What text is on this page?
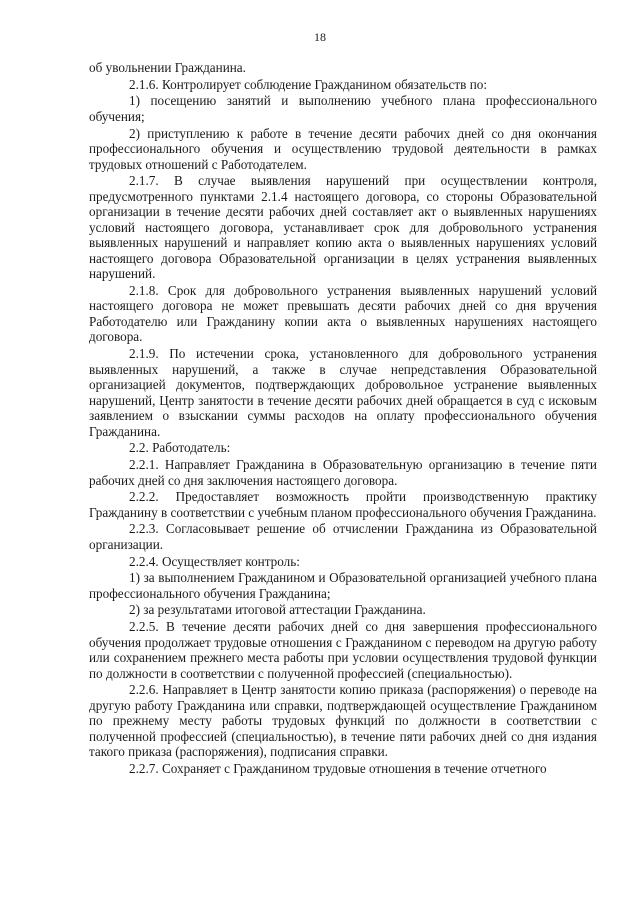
18

об увольнении Гражданина.

2.1.6. Контролирует соблюдение Гражданином обязательств по:

1) посещению занятий и выполнению учебного плана профессионального обучения;

2) приступлению к работе в течение десяти рабочих дней со дня окончания профессионального обучения и осуществлению трудовой деятельности в рамках трудовых отношений с Работодателем.

2.1.7. В случае выявления нарушений при осуществлении контроля, предусмотренного пунктами 2.1.4 настоящего договора, со стороны Образовательной организации в течение десяти рабочих дней составляет акт о выявленных нарушениях условий настоящего договора, устанавливает срок для добровольного устранения выявленных нарушений и направляет копию акта о выявленных нарушениях условий настоящего договора Образовательной организации в целях устранения выявленных нарушений.

2.1.8. Срок для добровольного устранения выявленных нарушений условий настоящего договора не может превышать десяти рабочих дней со дня вручения Работодателю или Гражданину копии акта о выявленных нарушениях настоящего договора.

2.1.9. По истечении срока, установленного для добровольного устранения выявленных нарушений, а также в случае непредставления Образовательной организацией документов, подтверждающих добровольное устранение выявленных нарушений, Центр занятости в течение десяти рабочих дней обращается в суд с исковым заявлением о взыскании суммы расходов на оплату профессионального обучения Гражданина.

2.2. Работодатель:

2.2.1. Направляет Гражданина в Образовательную организацию в течение пяти рабочих дней со дня заключения настоящего договора.

2.2.2. Предоставляет возможность пройти производственную практику Гражданину в соответствии с учебным планом профессионального обучения Гражданина.

2.2.3. Согласовывает решение об отчислении Гражданина из Образовательной организации.

2.2.4. Осуществляет контроль:

1) за выполнением Гражданином и Образовательной организацией учебного плана профессионального обучения Гражданина;

2) за результатами итоговой аттестации Гражданина.

2.2.5. В течение десяти рабочих дней со дня завершения профессионального обучения продолжает трудовые отношения с Гражданином с переводом на другую работу или сохранением прежнего места работы при условии осуществления трудовой функции по должности в соответствии с полученной профессией (специальностью).

2.2.6. Направляет в Центр занятости копию приказа (распоряжения) о переводе на другую работу Гражданина или справки, подтверждающей осуществление Гражданином по прежнему месту работы трудовых функций по должности в соответствии с полученной профессией (специальностью), в течение пяти рабочих дней со дня издания такого приказа (распоряжения), подписания справки.

2.2.7. Сохраняет с Гражданином трудовые отношения в течение отчетного
